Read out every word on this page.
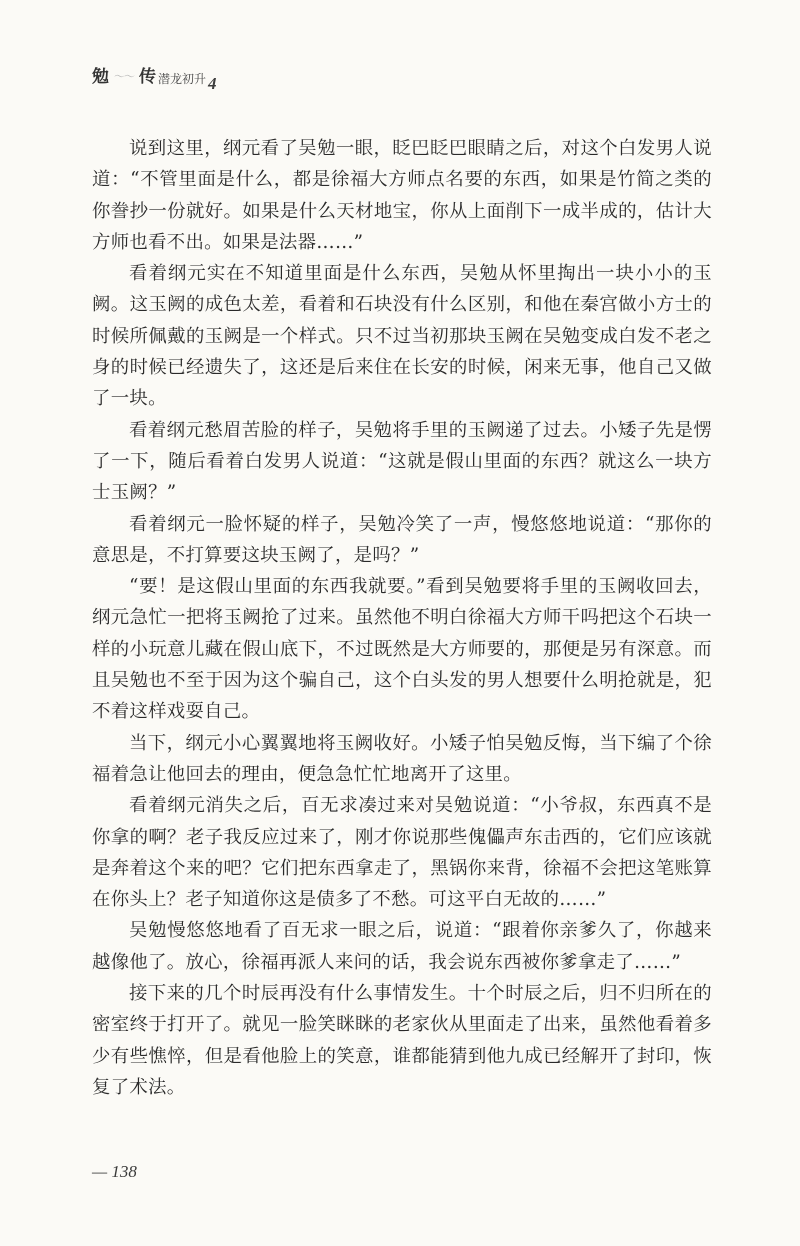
勉 ～～ 传 潜龙初升 4

说到这里，纲元看了吴勉一眼，眨巴眨巴眼睛之后，对这个白发男人说道：“不管里面是什么，都是徐福大方师点名要的东西，如果是竹简之类的你誊抄一份就好。如果是什么天材地宝，你从上面削下一成半成的，估计大方师也看不出。如果是法器……”

看着纲元实在不知道里面是什么东西，吴勉从怀里掏出一块小小的玉阙。这玉阙的成色太差，看着和石块没有什么区别，和他在秦宫做小方士的时候所佩戴的玉阙是一个样式。只不过当初那块玉阙在吴勉变成白发不老之身的时候已经遗失了，这还是后来住在长安的时候，闲来无事，他自己又做了一块。

看着纲元愁眉苦脸的样子，吴勉将手里的玉阙递了过去。小矮子先是愣了一下，随后看着白发男人说道：“这就是假山里面的东西？就这么一块方士玉阙？”

看着纲元一脸怀疑的样子，吴勉冷笑了一声，慢悠悠地说道：“那你的意思是，不打算要这块玉阙了，是吗？”

“要！是这假山里面的东西我就要。”看到吴勉要将手里的玉阙收回去，纲元急忙一把将玉阙抢了过来。虽然他不明白徐福大方师干吗把这个石块一样的小玩意儿藏在假山底下，不过既然是大方师要的，那便是另有深意。而且吴勉也不至于因为这个骗自己，这个白头发的男人想要什么明抢就是，犯不着这样戏耍自己。

当下，纲元小心翼翼地将玉阙收好。小矮子怕吴勉反悔，当下编了个徐福着急让他回去的理由，便急急忙忙地离开了这里。

看着纲元消失之后，百无求凑过来对吴勉说道：“小爷叔，东西真不是你拿的啊？老子我反应过来了，刚才你说那些傀儡声东击西的，它们应该就是奔着这个来的吧？它们把东西拿走了，黑锅你来背，徐福不会把这笔账算在你头上？老子知道你这是债多了不愁。可这平白无故的……”

吴勉慢悠悠地看了百无求一眼之后，说道：“跟着你亲爹久了，你越来越像他了。放心，徐福再派人来问的话，我会说东西被你爹拿走了……”

接下来的几个时辰再没有什么事情发生。十个时辰之后，归不归所在的密室终于打开了。就见一脸笑眯眯的老家伙从里面走了出来，虽然他看着多少有些憔悴，但是看他脸上的笑意，谁都能猜到他九成已经解开了封印，恢复了术法。

— 138
